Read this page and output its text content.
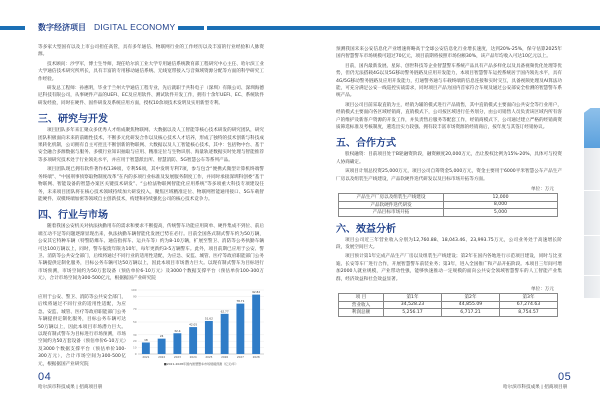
数字经济项目 DIGITAL ECONOMY

等多家大型国有以及上市公司担任高管，具有多年通信、物联网行业的工作经历以及丰富的行业经验和人脉资源。

技术顾问：沙学军，博士生导师，现任哈尔滨工业大学专用通信系统教育部工程研究中心主任、哈尔滨工业大学通信技术研究所所长，具有丰富的专用移动通信系统、无线宽带接入与音频域资源分配等方面的科学研究工作经验。

研发总工程师：孙惠明，毕业于兰州大学通信工程专业，先后就职于共科电子（深圳）有限公司、深圳海德尼科技有限公司，从事硬件产品的UEFI、EC及应用软件、测试软件开发工作，拥有十余年UEFI、EC、系统软件研发经验，同时在硬件、固件研发及系统应用方面，授权10余项技术发明及实用新型专利。

三、研究与开发

项目团队多年来汇聚众多优秀人才组成聚焦物联网、大数据以及人工智能等核心技术研发的研究团队，研究团队积极面向未来的前瞻性技术，不断多元化研发合作以及核心技术人才培养，形成了独特的技术创新与科技成果转化机制，公司拥有自主可控且不断创新的物联网、大数据以及人工智能核心技术，其中：包括物中台、基于安全融合多源数据与服务、多模行业知识抽取与应用、精准定位与生物识别、海量轨迹数据实时处理与智能推荐等多项研究技术处于行业领先水平，并应用于智慧派出所、智慧消防、5G智慧公车等系列产品。

项目团队现已拥有软件著作权139项，专利56项，其中发明专利7项，参与包含“便携式微型计算机终端警务终端”、“中国刑事侦察取物制度改革”在内的多项行业标准及发展服务制度工作，并同时承接深圳科创委“基于物联网、智能设备的智慧办案区关键技术研发”、“公检法物联网智能化应用系统”等多项重大科技专项建设任务，未来项目团队将在核心技术领域持续加大研发投入，聚焦区域精准定位、物联网智能通用接口、5G车载智能硬件、双模终端加密等领域自主创新技术，构建和持续强化公司的核心技术竞争力。

四、行业与市场

随着我国公安机关对执法执勤用车的需求和要求不断提高，传统警车功能应用简单、硬件集成不到位、前后端互动不足等问题逐渐显现出来，执法执勤车辆智能化发展已势在必行。目前全国各式制式警车约为50万辆，公安其它特种车辆（特警防爆车、通信指挥车、运兵车等）约为8-10万辆，扩展至警卫、消防等公务执勤车辆可达100万辆以上，同时，警车报废年限为10年，每年更新约3-5万辆警车。此外，项目前期已应用于公安、警卫、消防等公共安全部门，后续将通过不同行业的适用性适配，为应急、安监、城管、医疗等政府职能部门公务车辆提供定制化服务，目标公务车辆可达50万辆以上，因此本项目市场潜力巨大。以现有制式警车为目标进行市场预测，市场空间约为50万套设备（预估单价6-10万元）及3000个数据支撑平台（预估单价100-300万元），合计市场空间为300-500亿元，根据据国产业研究院

应用于公安、警卫、消防等公共安全部门，后续将通过不同行业的适用性适配，为应急、安监、城管、医疗等政府职能部门公务车辆提供定制化服务，目标公务车辆可达50万辆以上，因此本项目市场潜力巨大。以现有制式警车为目标进行市场预测，市场空间约为50万套设备（预估单价6-10万元）及3000个数据支撑平台（预估单价100-300万元），合计市场空间为300-500亿元，根据据国产业研究院

0
10
20
30
50
70
90
100
18
2021
24
2022
32.4
2023
42.05
2024
51.62
2025
62.77
2026
78.71
2027
92.82
2028
■2021-2028年国内智慧警车市场规模预测（亿元/年）
04
哈尔滨市科技成果 | 招商项目册

预测我国未来公安信息化产业增速将略高于全球公安信息化行业增长速度，达到20%-25%，保守估算2025年国内智慧警车市场规模可超过70亿元，项目前期将按照市场份额30%，该产品年均收入可达10亿元以上。

目前，国内最新发展、星际、创世科技等企业智慧警车系统产品具有产品多样化以及具备视频优化处理等优势，但仍无法搭载4G以及5G移动警务链路及应用开发能力，本项目智慧警车运控系统居于国内领先水平，具有4G/5G移动警务链路及应用开发能力，打通警务通与车载终端的信息连接和实时交互，具备视频处理及AI算法功能，可充分满足公安一线巡控实战需求，同时项目产品为国内首家符合车规及通过公安部安全检测的智慧警车系统产品。

项目公司目前采取直销为主，经销为辅的模式进行产品销售，其中直销模式主要面向公共安全等行业用户，经销模式主要面向各区域经销商，直销模式下，公司按区域进行任务划分，由公司销售人员负责该区域内所有客户的维护及新客户资源的开发工作，并负责售后服务等配套工作，经销商模式下，公司通过建立严格的经销商资质筛选标准及考核制度，遴选出实力较强、拥有较丰富市场资源的经销商后，按年度与其签订经销协议。

五、合作方式

股权融资：目前项目处于B轮融资阶段，融资额度20,000万元，出让股权比例为15%-20%，具体可与投资人协商确定。

该项目计划总投资25,000万元，项目公司自筹资金5,000万元，资金主要用于6000平米智慧公车产品生产厂房以及组装生产线建设，产品软硬件迭代研发以及目标市场开拓等方面。

单位：万元
产品生产厂房以及组装生产线建设	12,000
产品软硬件迭代研发	8,000
产品目标市场开拓	5,000
六、效益分析

项目公司近三年营业收入分别为12,760.88、18,043.46、23,993.75万元，公司业务处于高速增长阶段，发展空间巨大。

项目预计第1年完成产品生产厂房以及组装生产线建设；第2年在国内各地进行示范项目建设，同时与比亚迪、长安等车厂进行合作，开展智慧警车前装业务；第3年，进入全国推广和产品开拓阶段。本项目三年间可增加2000人就业规模，产业带动性强，能够快速推动一定规模的面向公共安全领域智慧警车的人工智能产业集群，经济效益和社会效益显著。

单位：万元
项 目	第1年	第2年	第3年
营业收入	34,528.23	44,855.09	67,274.63
利润总额	5,256.17	6,717.21	8,754.57
05
哈尔滨市科技成果 | 招商项目册
